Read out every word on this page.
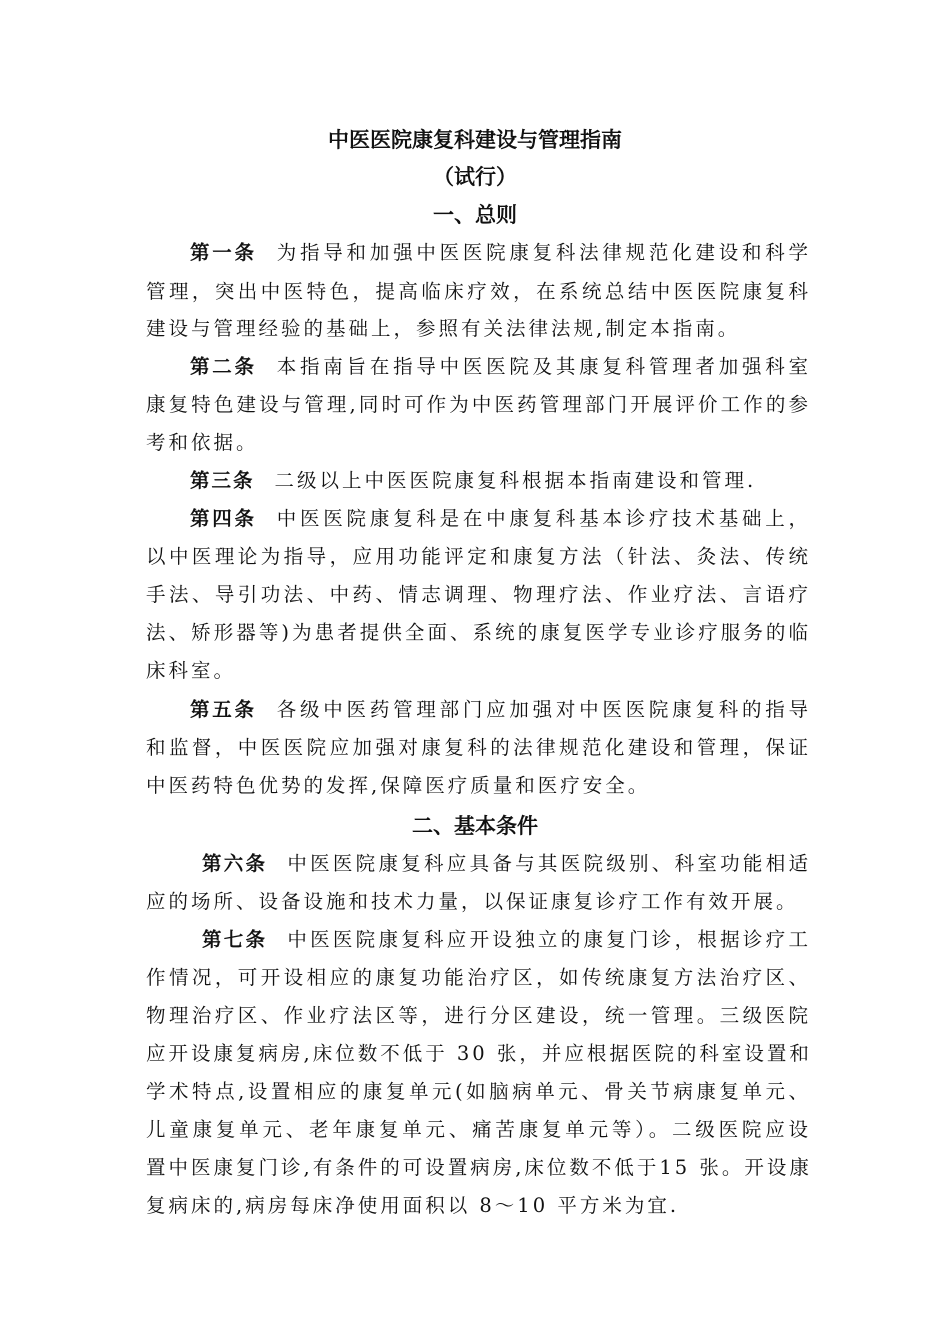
中医医院康复科建设与管理指南
（试行）
一、总则
第一条 为指导和加强中医医院康复科法律规范化建设和科学
管理，突出中医特色，提高临床疗效，在系统总结中医医院康复科
建设与管理经验的基础上，参照有关法律法规,制定本指南。
第二条 本指南旨在指导中医医院及其康复科管理者加强科室
康复特色建设与管理,同时可作为中医药管理部门开展评价工作的参
考和依据。
第三条 二级以上中医医院康复科根据本指南建设和管理.
第四条 中医医院康复科是在中康复科基本诊疗技术基础上，
以中医理论为指导，应用功能评定和康复方法（针法、灸法、传统
手法、导引功法、中药、情志调理、物理疗法、作业疗法、言语疗
法、矫形器等)为患者提供全面、系统的康复医学专业诊疗服务的临
床科室。
第五条 各级中医药管理部门应加强对中医医院康复科的指导
和监督，中医医院应加强对康复科的法律规范化建设和管理，保证
中医药特色优势的发挥,保障医疗质量和医疗安全。
二、基本条件
第六条 中医医院康复科应具备与其医院级别、科室功能相适
应的场所、设备设施和技术力量，以保证康复诊疗工作有效开展。
第七条 中医医院康复科应开设独立的康复门诊，根据诊疗工
作情况，可开设相应的康复功能治疗区，如传统康复方法治疗区、
物理治疗区、作业疗法区等，进行分区建设，统一管理。三级医院
应开设康复病房,床位数不低于 30 张，并应根据医院的科室设置和
学术特点,设置相应的康复单元(如脑病单元、骨关节病康复单元、
儿童康复单元、老年康复单元、痛苦康复单元等）。二级医院应设
置中医康复门诊,有条件的可设置病房,床位数不低于15 张。开设康
复病床的,病房每床净使用面积以 8～10 平方米为宜.
